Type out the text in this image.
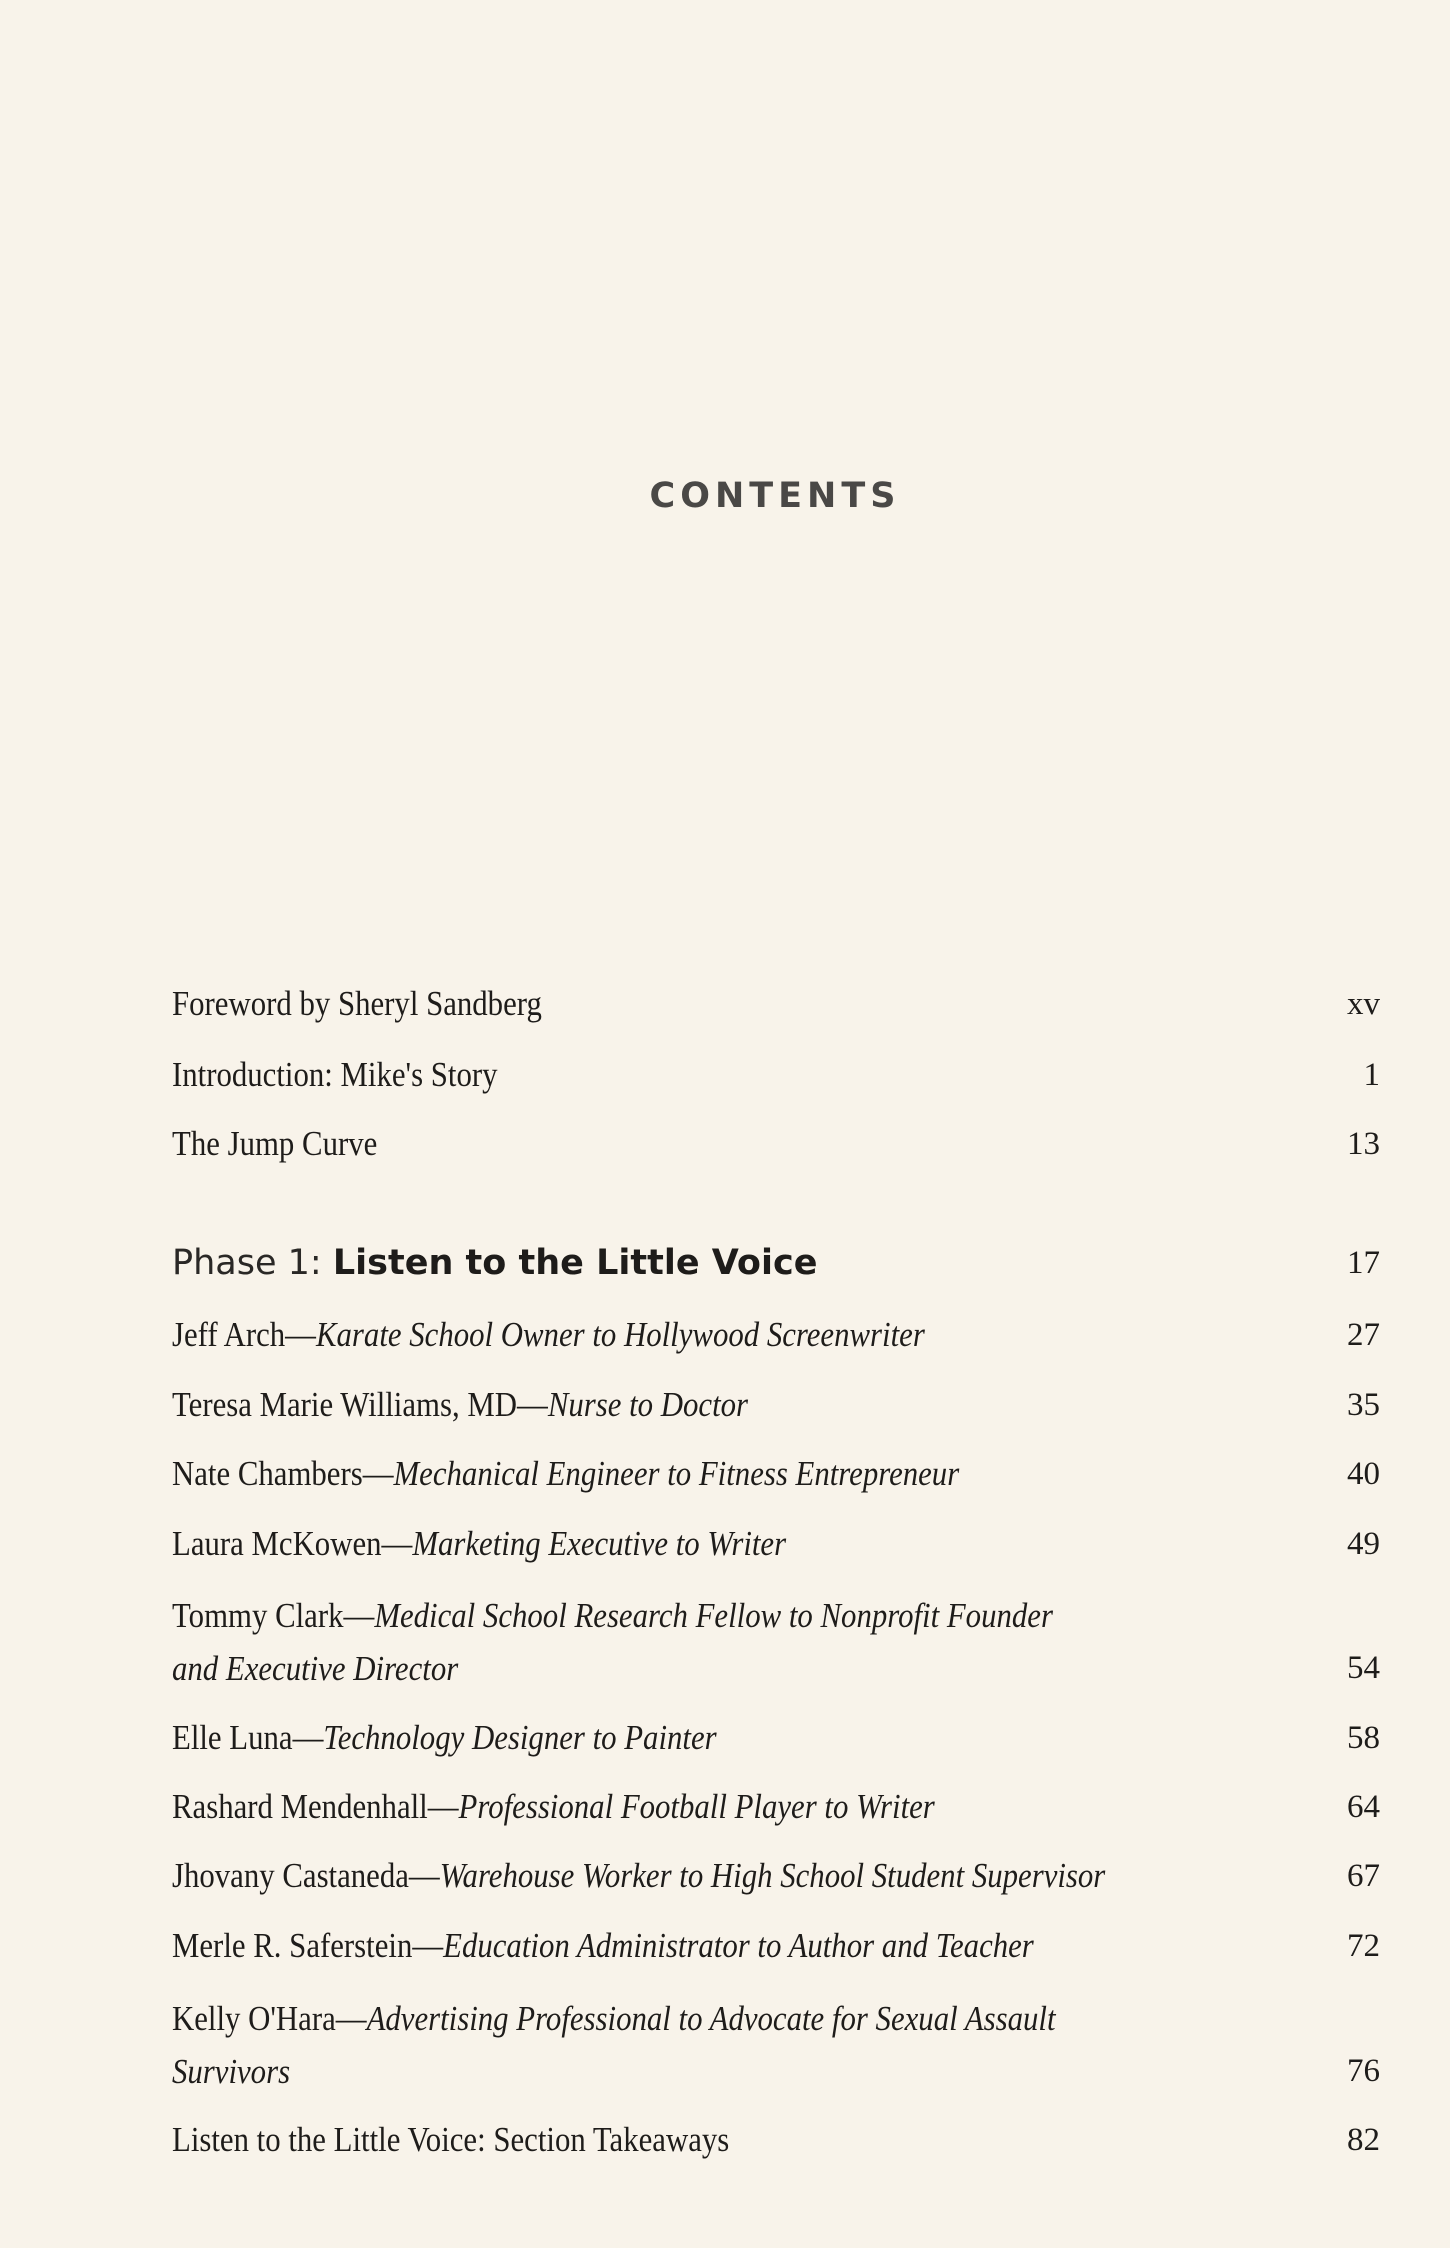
CONTENTS
Foreword by Sheryl Sandberg	xv
Introduction: Mike's Story	1
The Jump Curve	13
Phase 1: Listen to the Little Voice	17
Jeff Arch—Karate School Owner to Hollywood Screenwriter	27
Teresa Marie Williams, MD—Nurse to Doctor	35
Nate Chambers—Mechanical Engineer to Fitness Entrepreneur	40
Laura McKowen—Marketing Executive to Writer	49
Tommy Clark—Medical School Research Fellow to Nonprofit Founder
and Executive Director	54
Elle Luna—Technology Designer to Painter	58
Rashard Mendenhall—Professional Football Player to Writer	64
Jhovany Castaneda—Warehouse Worker to High School Student Supervisor	67
Merle R. Saferstein—Education Administrator to Author and Teacher	72
Kelly O'Hara—Advertising Professional to Advocate for Sexual Assault
Survivors	76
Listen to the Little Voice: Section Takeaways	82
